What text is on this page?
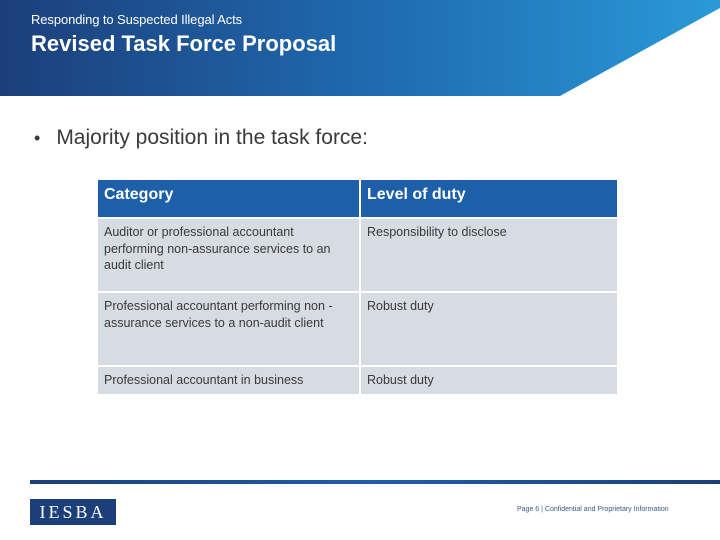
Responding to Suspected Illegal Acts
Revised Task Force Proposal
• Majority position in the task force:
Category	Level of duty
Auditor or professional accountant performing non-assurance services to an audit client	Responsibility to disclose
Professional accountant performing non -assurance services to a non-audit client	Robust duty
Professional accountant in business	Robust duty
IESBA	Page 6 | Confidential and Proprietary Information
